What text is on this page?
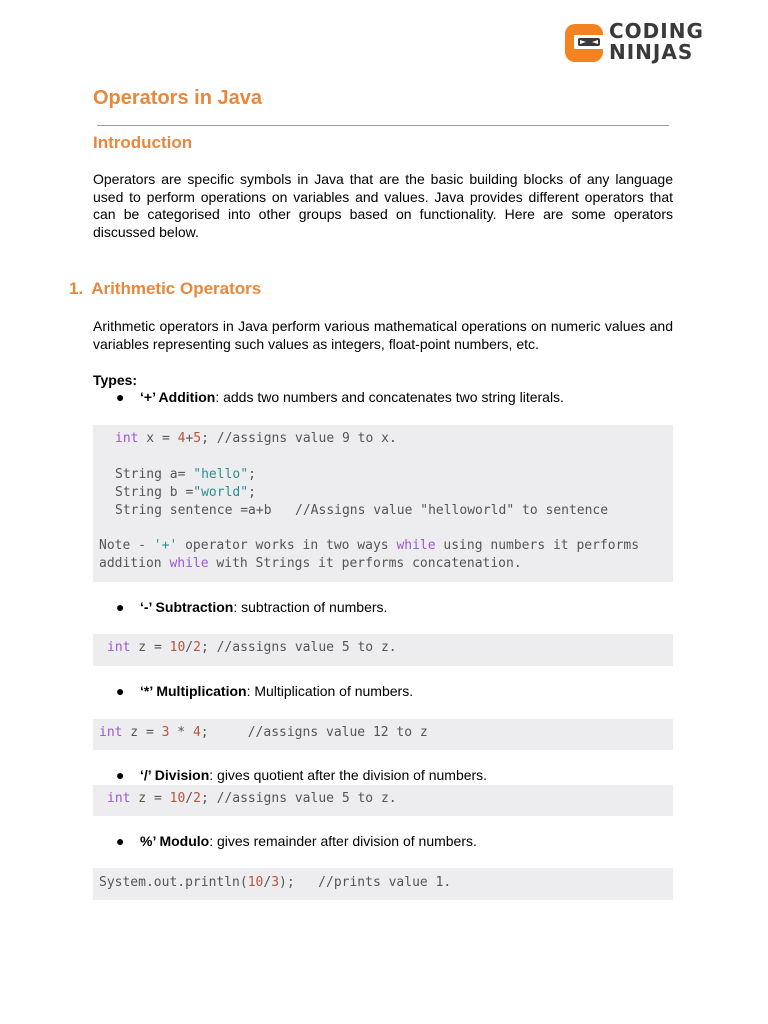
CODING
NINJAS
Operators in Java
Introduction

Operators are specific symbols in Java that are the basic building blocks of any language used to perform operations on variables and values. Java provides different operators that can be categorised into other groups based on functionality. Here are some operators discussed below.

1. Arithmetic Operators

Arithmetic operators in Java perform various mathematical operations on numeric values and variables representing such values as integers, float-point numbers, etc.

Types:
● ‘+’ Addition: adds two numbers and concatenates two string literals.
int x = 4+5; //assigns value 9 to x.
String a= "hello";
String b ="world";
String sentence =a+b   //Assigns value "helloworld" to sentence
Note - '+' operator works in two ways while using numbers it performs
addition while with Strings it performs concatenation.
● ‘-’ Subtraction: subtraction of numbers.
int z = 10/2; //assigns value 5 to z.
● ‘*’ Multiplication: Multiplication of numbers.
int z = 3 * 4;     //assigns value 12 to z
● ‘/’ Division: gives quotient after the division of numbers.
int z = 10/2; //assigns value 5 to z.
● %’ Modulo: gives remainder after division of numbers.
System.out.println(10/3);   //prints value 1.
